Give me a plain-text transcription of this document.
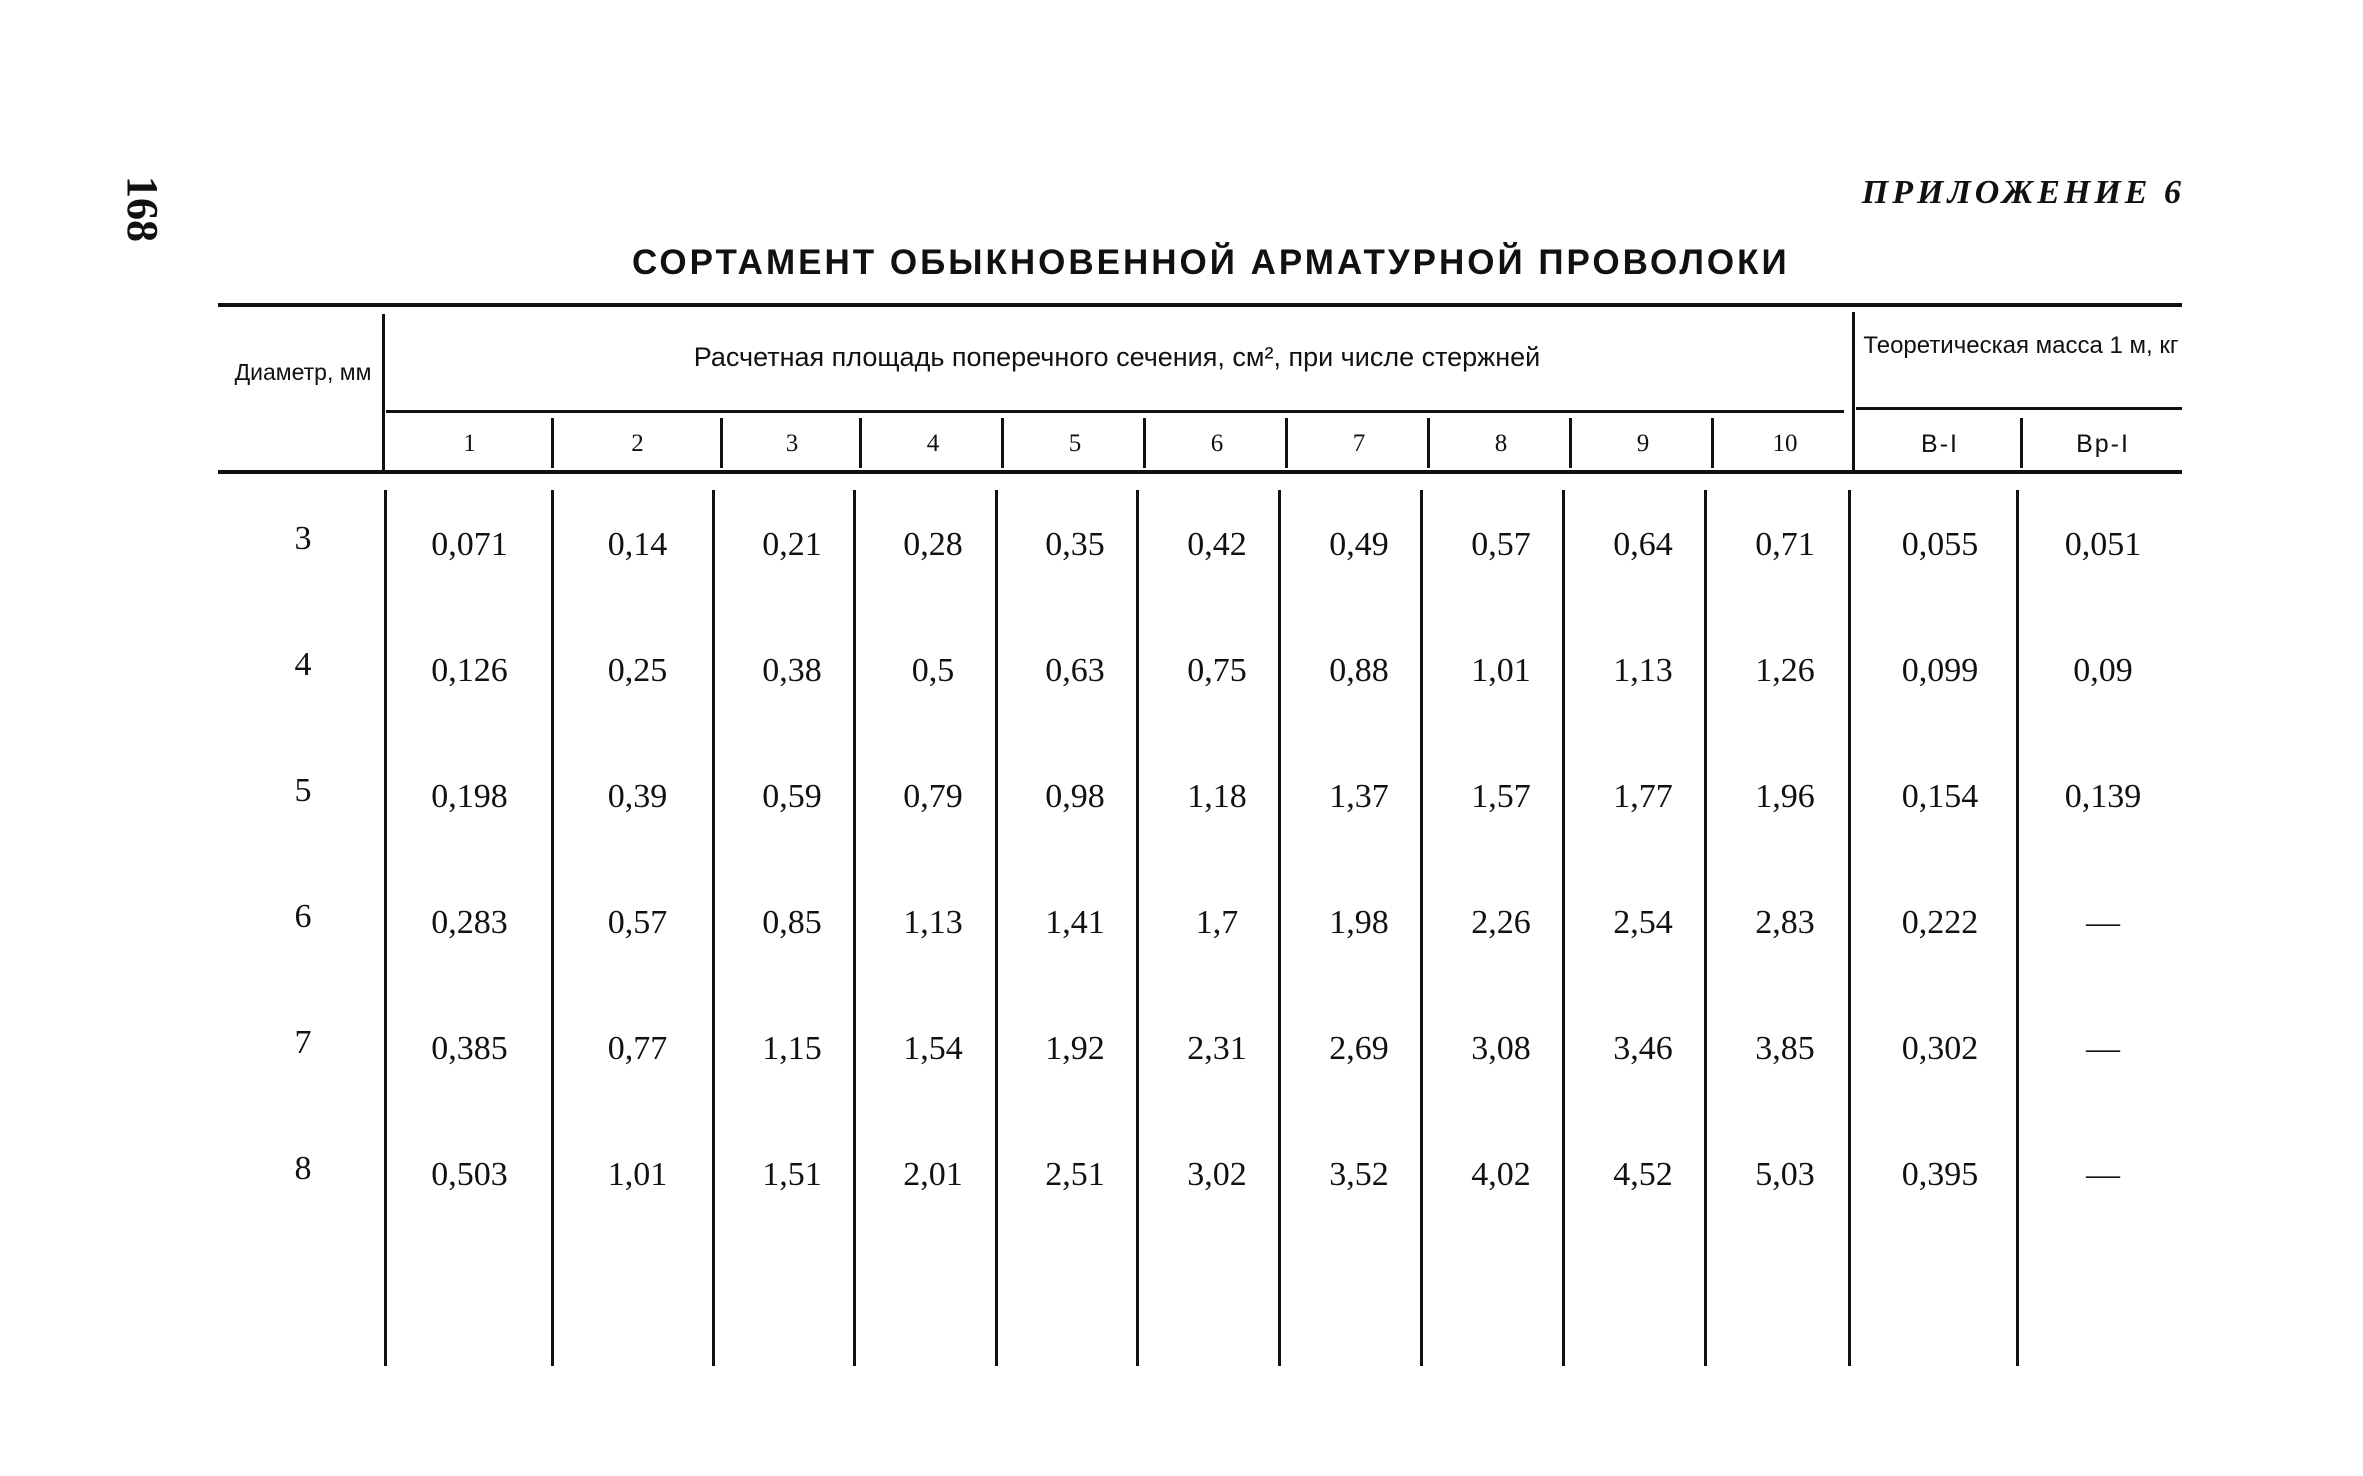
168	ПРИЛОЖЕНИЕ 6
СОРТАМЕНТ ОБЫКНОВЕННОЙ АРМАТУРНОЙ ПРОВОЛОКИ
Диаметр, мм	Расчетная площадь поперечного сечения, см², при числе стержней	Теоретическая масса 1 м, кг
1	2	3	4	5	6	7	8	9	10	В-I	Вр-I
3	0,071	0,14	0,21	0,28	0,35	0,42	0,49	0,57	0,64	0,71	0,055	0,051
4	0,126	0,25	0,38	0,5	0,63	0,75	0,88	1,01	1,13	1,26	0,099	0,09
5	0,198	0,39	0,59	0,79	0,98	1,18	1,37	1,57	1,77	1,96	0,154	0,139
6	0,283	0,57	0,85	1,13	1,41	1,7	1,98	2,26	2,54	2,83	0,222	—
7	0,385	0,77	1,15	1,54	1,92	2,31	2,69	3,08	3,46	3,85	0,302	—
8	0,503	1,01	1,51	2,01	2,51	3,02	3,52	4,02	4,52	5,03	0,395	—
